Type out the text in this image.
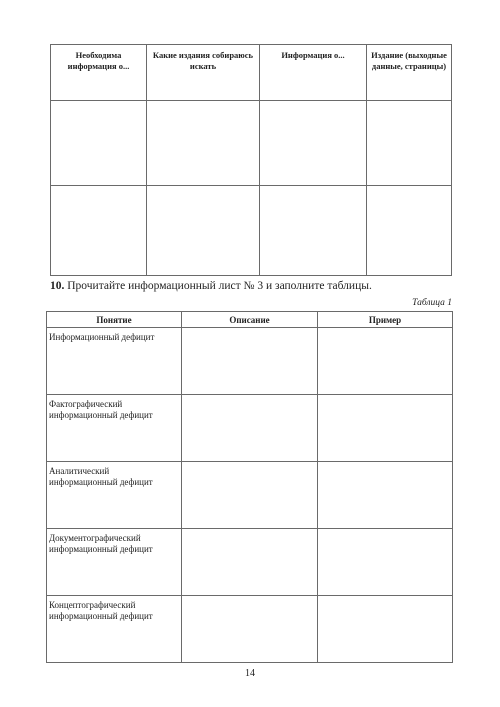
Необходима информация о...	Какие издания собираюсь искать	Информация о...	Издание (выходные данные, страницы)

10. Прочитайте информационный лист № 3 и заполните таблицы.
Таблица 1
Понятие	Описание	Пример
Информационный дефицит		
Фактографический информационный дефицит		
Аналитический информационный дефицит		
Документографический информационный дефицит		
Концептографический информационный дефицит		
14
